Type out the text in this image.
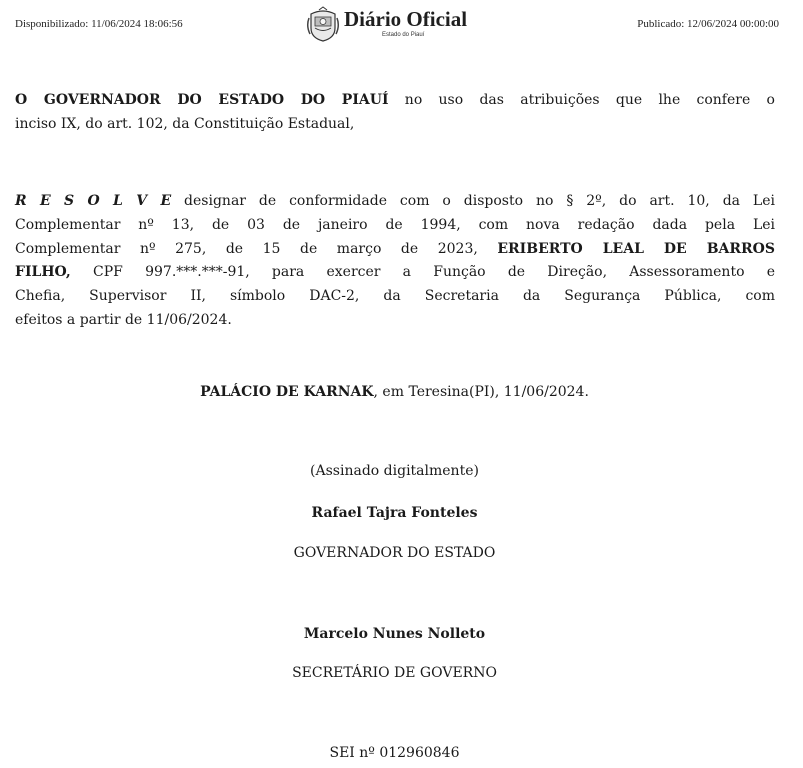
Disponibilizado: 11/06/2024 18:06:56	Diário Oficial
Estado do Piauí
Publicado: 12/06/2024 00:00:00
O GOVERNADOR DO ESTADO DO PIAUÍ no uso das atribuições que lhe confere o
inciso IX, do art. 102, da Constituição Estadual,
R E S O L V E designar de conformidade com o disposto no § 2º, do art. 10, da Lei
Complementar nº 13, de 03 de janeiro de 1994, com nova redação dada pela Lei
Complementar nº 275, de 15 de março de 2023, ERIBERTO LEAL DE BARROS
FILHO, CPF 997.***.***-91, para exercer a Função de Direção, Assessoramento e
Chefia, Supervisor II, símbolo DAC-2, da Secretaria da Segurança Pública, com
efeitos a partir de 11/06/2024.
PALÁCIO DE KARNAK, em Teresina(PI), 11/06/2024.
(Assinado digitalmente)
Rafael Tajra Fonteles
GOVERNADOR DO ESTADO
Marcelo Nunes Nolleto
SECRETÁRIO DE GOVERNO
SEI nº 012960846
